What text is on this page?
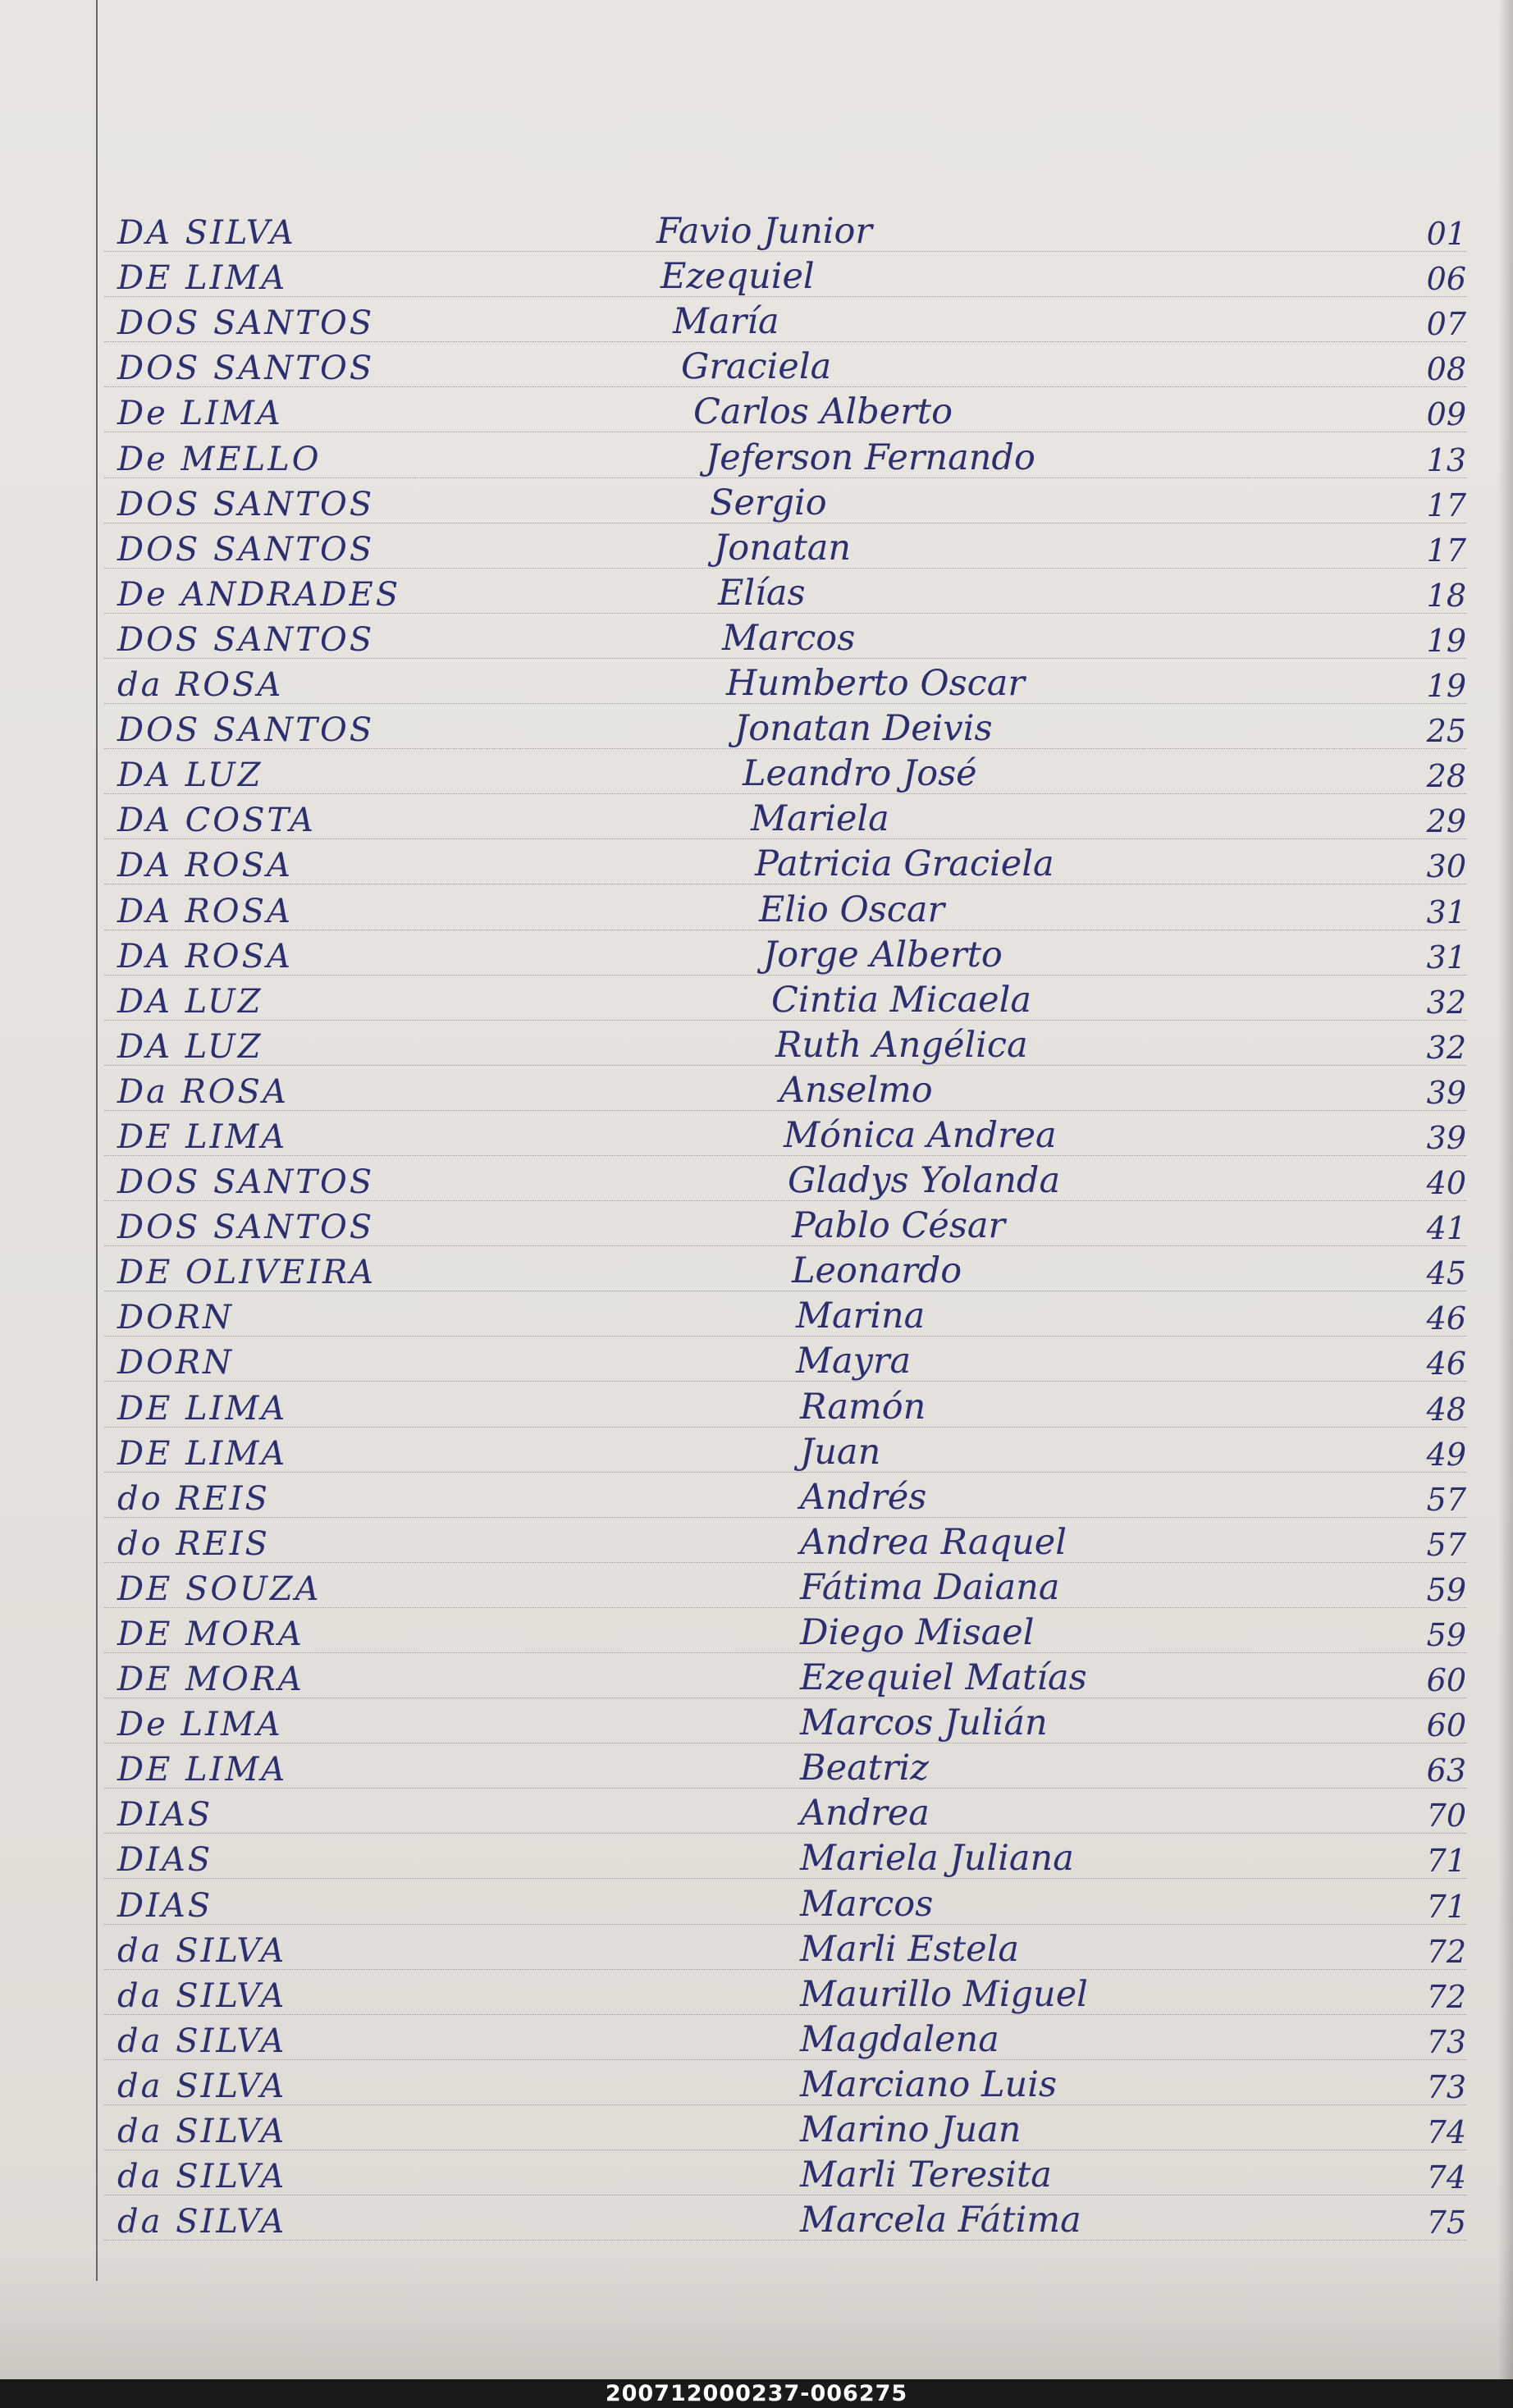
DA SILVA	Favio Junior	01
DE LIMA	Ezequiel	06
DOS SANTOS	María	07
DOS SANTOS	Graciela	08
De LIMA	Carlos Alberto	09
De MELLO	Jeferson Fernando	13
DOS SANTOS	Sergio	17
DOS SANTOS	Jonatan	17
De ANDRADES	Elías	18
DOS SANTOS	Marcos	19
da ROSA	Humberto Oscar	19
DOS SANTOS	Jonatan Deivis	25
DA LUZ	Leandro José	28
DA COSTA	Mariela	29
DA ROSA	Patricia Graciela	30
DA ROSA	Elio Oscar	31
DA ROSA	Jorge Alberto	31
DA LUZ	Cintia Micaela	32
DA LUZ	Ruth Angélica	32
Da ROSA	Anselmo	39
DE LIMA	Mónica Andrea	39
DOS SANTOS	Gladys Yolanda	40
DOS SANTOS	Pablo César	41
DE OLIVEIRA	Leonardo	45
DORN	Marina	46
DORN	Mayra	46
DE LIMA	Ramón	48
DE LIMA	Juan	49
do REIS	Andrés	57
do REIS	Andrea Raquel	57
DE SOUZA	Fátima Daiana	59
DE MORA	Diego Misael	59
DE MORA	Ezequiel Matías	60
De LIMA	Marcos Julián	60
DE LIMA	Beatriz	63
DIAS	Andrea	70
DIAS	Mariela Juliana	71
DIAS	Marcos	71
da SILVA	Marli Estela	72
da SILVA	Maurillo Miguel	72
da SILVA	Magdalena	73
da SILVA	Marciano Luis	73
da SILVA	Marino Juan	74
da SILVA	Marli Teresita	74
da SILVA	Marcela Fátima	75
200712000237-006275
